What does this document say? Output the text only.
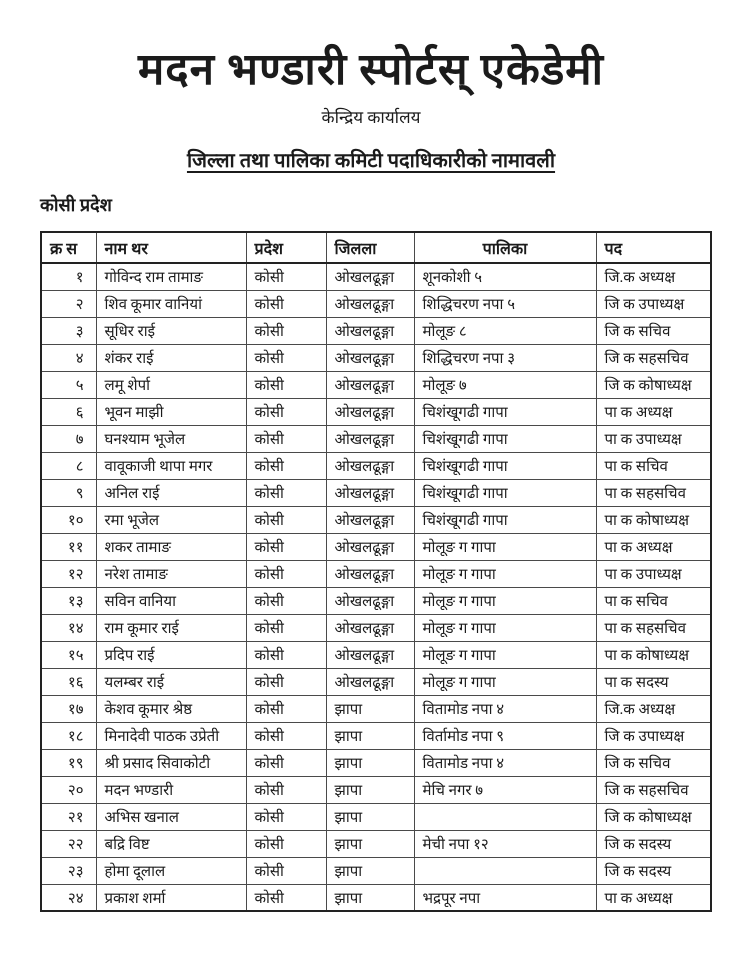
मदन भण्डारी स्पोर्टस् एकेडेमी
केन्द्रिय कार्यालय
जिल्ला तथा पालिका कमिटी पदाधिकारीको नामावली
कोसी प्रदेश
क्र स	नाम थर	प्रदेश	जिलला	पालिका	पद
१	गोविन्द राम तामाङ	कोसी	ओखलढूङ्गा	शूनकोशी ५	जि.क अध्यक्ष
२	शिव कूमार वानियां	कोसी	ओखलढूङ्गा	शिद्धिचरण नपा ५	जि क उपाध्यक्ष
३	सूधिर राई	कोसी	ओखलढूङ्गा	मोलूङ ८	जि क सचिव
४	शंकर राई	कोसी	ओखलढूङ्गा	शिद्धिचरण नपा ३	जि क सहसचिव
५	लमू शेर्पा	कोसी	ओखलढूङ्गा	मोलूङ ७	जि क कोषाध्यक्ष
६	भूवन माझी	कोसी	ओखलढूङ्गा	चिशंखूगढी गापा	पा क अध्यक्ष
७	घनश्याम भूजेल	कोसी	ओखलढूङ्गा	चिशंखूगढी गापा	पा क उपाध्यक्ष
८	वावूकाजी थापा मगर	कोसी	ओखलढूङ्गा	चिशंखूगढी गापा	पा क सचिव
९	अनिल राई	कोसी	ओखलढूङ्गा	चिशंखूगढी गापा	पा क सहसचिव
१०	रमा भूजेल	कोसी	ओखलढूङ्गा	चिशंखूगढी गापा	पा क कोषाध्यक्ष
११	शकर तामाङ	कोसी	ओखलढूङ्गा	मोलूङ ग गापा	पा क अध्यक्ष
१२	नरेश तामाङ	कोसी	ओखलढूङ्गा	मोलूङ ग गापा	पा क उपाध्यक्ष
१३	सविन वानिया	कोसी	ओखलढूङ्गा	मोलूङ ग गापा	पा क सचिव
१४	राम कूमार राई	कोसी	ओखलढूङ्गा	मोलूङ ग गापा	पा क सहसचिव
१५	प्रदिप राई	कोसी	ओखलढूङ्गा	मोलूङ ग गापा	पा क कोषाध्यक्ष
१६	यलम्बर राई	कोसी	ओखलढूङ्गा	मोलूङ ग गापा	पा क सदस्य
१७	केशव कूमार श्रेष्ठ	कोसी	झापा	वितामोड नपा ४	जि.क अध्यक्ष
१८	मिनादेवी पाठक उप्रेती	कोसी	झापा	विर्तामोड नपा ९	जि क उपाध्यक्ष
१९	श्री प्रसाद सिवाकोटी	कोसी	झापा	वितामोड नपा ४	जि क सचिव
२०	मदन भण्डारी	कोसी	झापा	मेचि नगर ७	जि क सहसचिव
२१	अभिस खनाल	कोसी	झापा		जि क कोषाध्यक्ष
२२	बद्रि विष्ट	कोसी	झापा	मेची नपा १२	जि क सदस्य
२३	होमा दूलाल	कोसी	झापा		जि क सदस्य
२४	प्रकाश शर्मा	कोसी	झापा	भद्रपूर नपा	पा क अध्यक्ष
